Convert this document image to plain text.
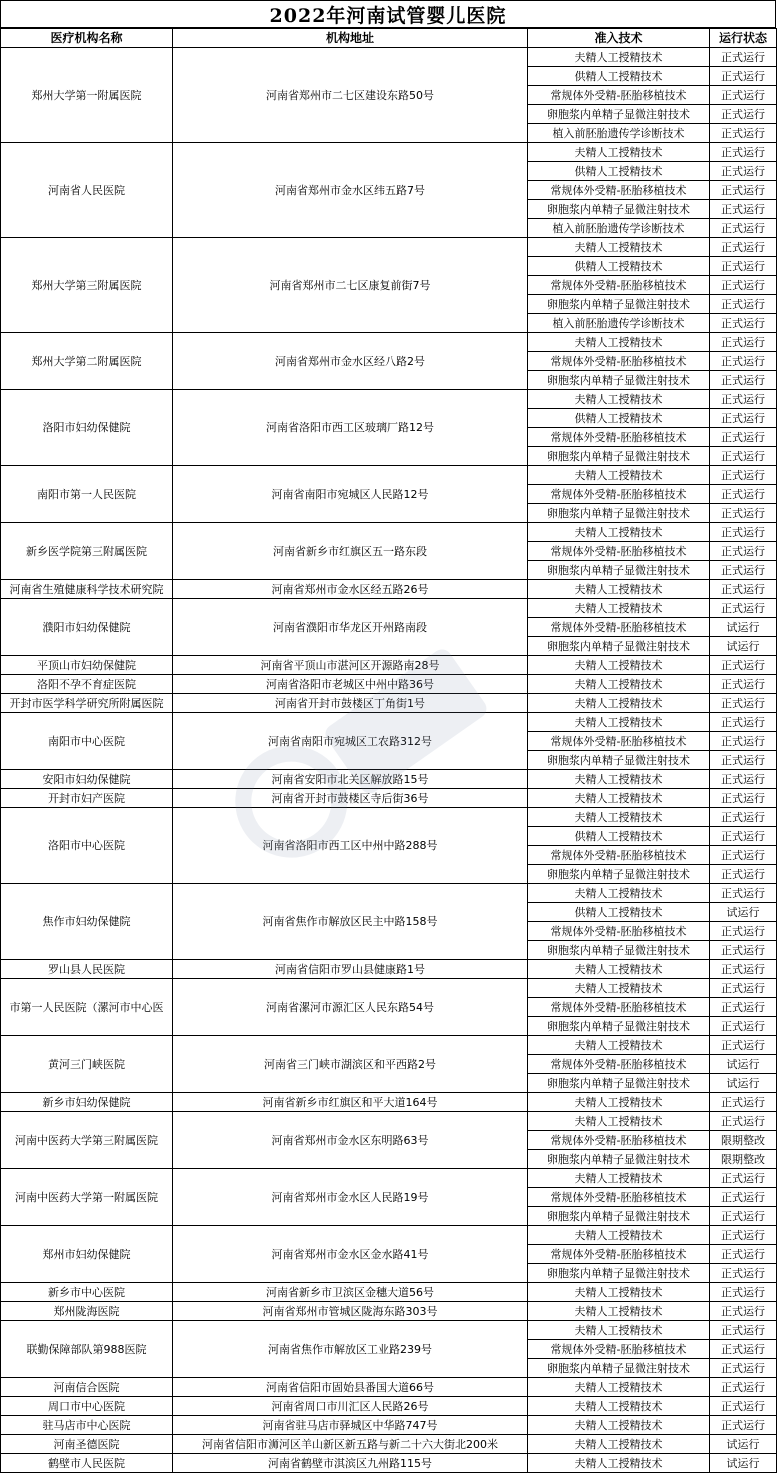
2022年河南试管婴儿医院
医疗机构名称	机构地址	准入技术	运行状态
郑州大学第一附属医院	河南省郑州市二七区建设东路50号	夫精人工授精技术	正式运行
		供精人工授精技术	正式运行
		常规体外受精-胚胎移植技术	正式运行
		卵胞浆内单精子显微注射技术	正式运行
		植入前胚胎遗传学诊断技术	正式运行
河南省人民医院	河南省郑州市金水区纬五路7号	夫精人工授精技术	正式运行
		供精人工授精技术	正式运行
		常规体外受精-胚胎移植技术	正式运行
		卵胞浆内单精子显微注射技术	正式运行
		植入前胚胎遗传学诊断技术	正式运行
郑州大学第三附属医院	河南省郑州市二七区康复前街7号	夫精人工授精技术	正式运行
		供精人工授精技术	正式运行
		常规体外受精-胚胎移植技术	正式运行
		卵胞浆内单精子显微注射技术	正式运行
		植入前胚胎遗传学诊断技术	正式运行
郑州大学第二附属医院	河南省郑州市金水区经八路2号	夫精人工授精技术	正式运行
		常规体外受精-胚胎移植技术	正式运行
		卵胞浆内单精子显微注射技术	正式运行
洛阳市妇幼保健院	河南省洛阳市西工区玻璃厂路12号	夫精人工授精技术	正式运行
		供精人工授精技术	正式运行
		常规体外受精-胚胎移植技术	正式运行
		卵胞浆内单精子显微注射技术	正式运行
南阳市第一人民医院	河南省南阳市宛城区人民路12号	夫精人工授精技术	正式运行
		常规体外受精-胚胎移植技术	正式运行
		卵胞浆内单精子显微注射技术	正式运行
新乡医学院第三附属医院	河南省新乡市红旗区五一路东段	夫精人工授精技术	正式运行
		常规体外受精-胚胎移植技术	正式运行
		卵胞浆内单精子显微注射技术	正式运行
河南省生殖健康科学技术研究院	河南省郑州市金水区经五路26号	夫精人工授精技术	正式运行
濮阳市妇幼保健院	河南省濮阳市华龙区开州路南段	夫精人工授精技术	正式运行
		常规体外受精-胚胎移植技术	试运行
		卵胞浆内单精子显微注射技术	试运行
平顶山市妇幼保健院	河南省平顶山市湛河区开源路南28号	夫精人工授精技术	正式运行
洛阳不孕不育症医院	河南省洛阳市老城区中州中路36号	夫精人工授精技术	正式运行
开封市医学科学研究所附属医院	河南省开封市鼓楼区丁角街1号	夫精人工授精技术	正式运行
南阳市中心医院	河南省南阳市宛城区工农路312号	夫精人工授精技术	正式运行
		常规体外受精-胚胎移植技术	正式运行
		卵胞浆内单精子显微注射技术	正式运行
安阳市妇幼保健院	河南省安阳市北关区解放路15号	夫精人工授精技术	正式运行
开封市妇产医院	河南省开封市鼓楼区寺后街36号	夫精人工授精技术	正式运行
洛阳市中心医院	河南省洛阳市西工区中州中路288号	夫精人工授精技术	正式运行
		供精人工授精技术	正式运行
		常规体外受精-胚胎移植技术	正式运行
		卵胞浆内单精子显微注射技术	正式运行
焦作市妇幼保健院	河南省焦作市解放区民主中路158号	夫精人工授精技术	正式运行
		供精人工授精技术	试运行
		常规体外受精-胚胎移植技术	正式运行
		卵胞浆内单精子显微注射技术	正式运行
罗山县人民医院	河南省信阳市罗山县健康路1号	夫精人工授精技术	正式运行
市第一人民医院（漯河市中心医	河南省漯河市源汇区人民东路54号	夫精人工授精技术	正式运行
		常规体外受精-胚胎移植技术	正式运行
		卵胞浆内单精子显微注射技术	正式运行
黄河三门峡医院	河南省三门峡市湖滨区和平西路2号	夫精人工授精技术	正式运行
		常规体外受精-胚胎移植技术	试运行
		卵胞浆内单精子显微注射技术	试运行
新乡市妇幼保健院	河南省新乡市红旗区和平大道164号	夫精人工授精技术	正式运行
河南中医药大学第三附属医院	河南省郑州市金水区东明路63号	夫精人工授精技术	正式运行
		常规体外受精-胚胎移植技术	限期整改
		卵胞浆内单精子显微注射技术	限期整改
河南中医药大学第一附属医院	河南省郑州市金水区人民路19号	夫精人工授精技术	正式运行
		常规体外受精-胚胎移植技术	正式运行
		卵胞浆内单精子显微注射技术	正式运行
郑州市妇幼保健院	河南省郑州市金水区金水路41号	夫精人工授精技术	正式运行
		常规体外受精-胚胎移植技术	正式运行
		卵胞浆内单精子显微注射技术	正式运行
新乡市中心医院	河南省新乡市卫滨区金穗大道56号	夫精人工授精技术	正式运行
郑州陇海医院	河南省郑州市管城区陇海东路303号	夫精人工授精技术	正式运行
联勤保障部队第988医院	河南省焦作市解放区工业路239号	夫精人工授精技术	正式运行
		常规体外受精-胚胎移植技术	正式运行
		卵胞浆内单精子显微注射技术	正式运行
河南信合医院	河南省信阳市固始县番国大道66号	夫精人工授精技术	正式运行
周口市中心医院	河南省周口市川汇区人民路26号	夫精人工授精技术	正式运行
驻马店市中心医院	河南省驻马店市驿城区中华路747号	夫精人工授精技术	正式运行
河南圣德医院	河南省信阳市浉河区羊山新区新五路与新二十六大街北200米	夫精人工授精技术	试运行
鹤壁市人民医院	河南省鹤壁市淇滨区九州路115号	夫精人工授精技术	试运行
